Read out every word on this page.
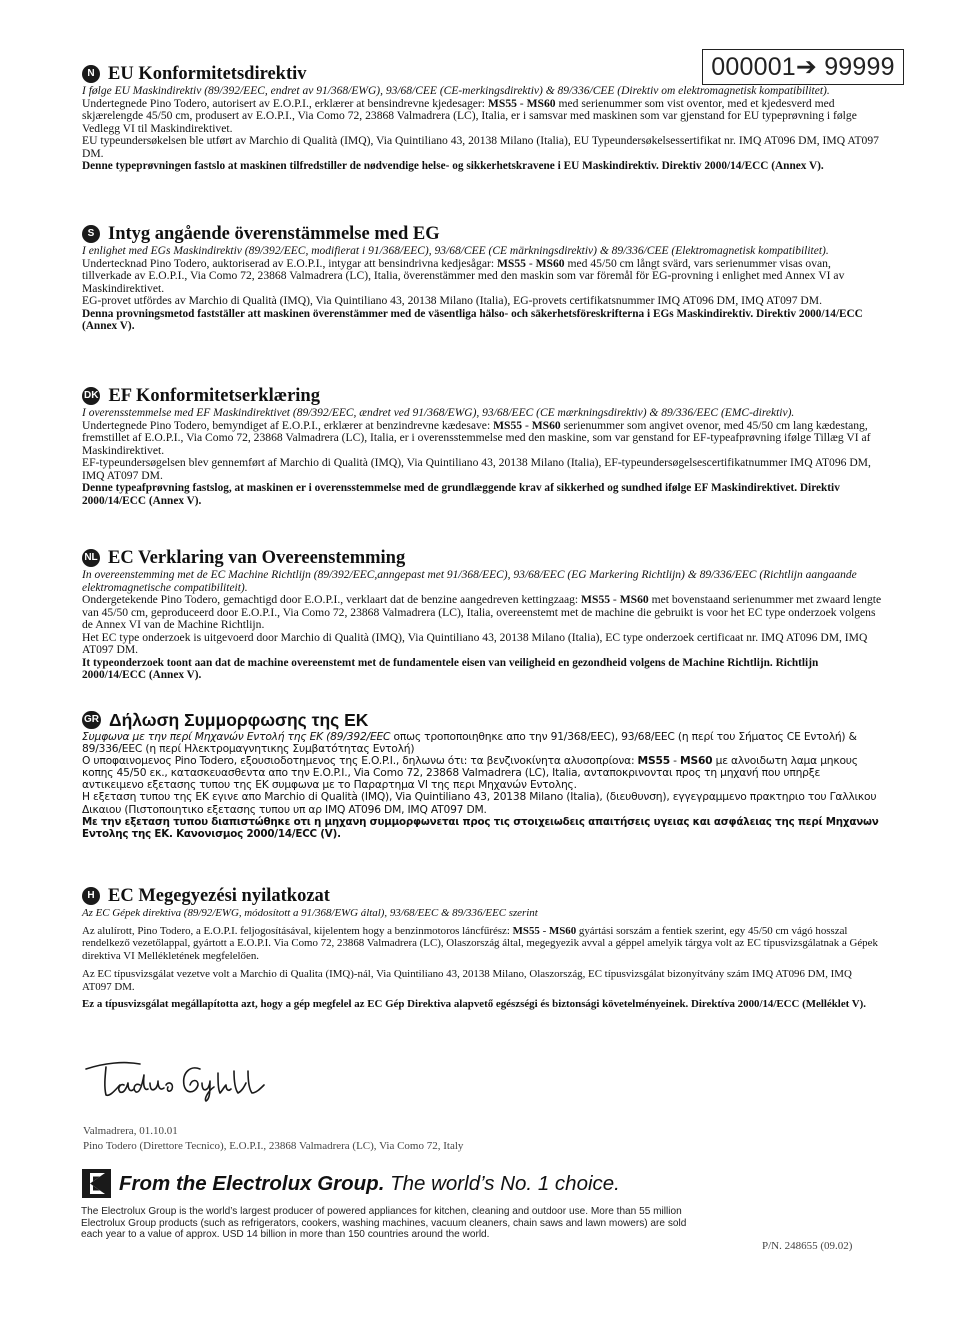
000001➔ 99999
N EU Konformitetsdirektiv

I følge EU Maskindirektiv (89/392/EEC, endret av 91/368/EWG), 93/68/CEE (CE-merkingsdirektiv) & 89/336/CEE (Direktiv om elektromagnetisk kompatibilitet).

Undertegnede Pino Todero, autorisert av E.O.P.I., erklærer at bensindrevne kjedesager: MS55 - MS60 med serienummer som vist oventor, med et kjedesverd med skjærelengde 45/50 cm, produsert av E.O.P.I., Via Como 72, 23868 Valmadrera (LC), Italia, er i samsvar med maskinen som var gjenstand for EU typeprøvning i følge Vedlegg VI til Maskindirektivet.

EU typeundersøkelsen ble utført av Marchio di Qualità (IMQ), Via Quintiliano 43, 20138 Milano (Italia), EU Typeundersøkelsessertifikat nr. IMQ AT096 DM, IMQ AT097 DM.

Denne typeprøvningen fastslo at maskinen tilfredstiller de nødvendige helse- og sikkerhetskravene i EU Maskindirektiv. Direktiv 2000/14/ECC (Annex V).

S Intyg angående överenstämmelse med EG

I enlighet med EGs Maskindirektiv (89/392/EEC, modifierat i 91/368/EEC), 93/68/CEE (CE märkningsdirektiv) & 89/336/CEE (Elektromagnetisk kompatibilitet).

Undertecknad Pino Todero, auktoriserad av E.O.P.I., intygar att bensindrivna kedjesågar: MS55 - MS60 med 45/50 cm långt svärd, vars serienummer visas ovan, tillverkade av E.O.P.I., Via Como 72, 23868 Valmadrera (LC), Italia, överenstämmer med den maskin som var föremål för EG-provning i enlighet med Annex VI av Maskindirektivet.

EG-provet utfördes av Marchio di Qualità (IMQ), Via Quintiliano 43, 20138 Milano (Italia), EG-provets certifikatsnummer IMQ AT096 DM, IMQ AT097 DM.

Denna provningsmetod fastställer att maskinen överenstämmer med de väsentliga hälso- och säkerhetsföreskrifterna i EGs Maskindirektiv. Direktiv 2000/14/ECC (Annex V).

DK EF Konformitetserklæring

I overensstemmelse med EF Maskindirektivet (89/392/EEC, ændret ved 91/368/EWG), 93/68/EEC (CE mærkningsdirektiv) & 89/336/EEC (EMC-direktiv).

Undertegnede Pino Todero, bemyndiget af E.O.P.I., erklærer at benzindrevne kædesave: MS55 - MS60 serienummer som angivet ovenor, med 45/50 cm lang kædestang, fremstillet af E.O.P.I., Via Como 72, 23868 Valmadrera (LC), Italia, er i overensstemmelse med den maskine, som var genstand for EF-typeafprøvning ifølge Tillæg VI af Maskindirektivet.

EF-typeundersøgelsen blev gennemført af Marchio di Qualità (IMQ), Via Quintiliano 43, 20138 Milano (Italia), EF-typeundersøgelsescertifikatnummer IMQ AT096 DM, IMQ AT097 DM.

Denne typeafprøvning fastslog, at maskinen er i overensstemmelse med de grundlæggende krav af sikkerhed og sundhed ifølge EF Maskindirektivet. Direktiv 2000/14/ECC (Annex V).

NL EC Verklaring van Overeenstemming

In overeenstemming met de EC Machine Richtlijn (89/392/EEC,anngepast met 91/368/EEC), 93/68/EEC (EG Markering Richtlijn) & 89/336/EEC (Richtlijn aangaande elektromagnetische compatibiliteit).

Ondergetekende Pino Todero, gemachtigd door E.O.P.I., verklaart dat de benzine aangedreven kettingzaag: MS55 - MS60 met bovenstaand serienummer met zwaard lengte van 45/50 cm, geproduceerd door E.O.P.I., Via Como 72, 23868 Valmadrera (LC), Italia, overeenstemt met de machine die gebruikt is voor het EC type onderzoek volgens de Annex VI van de Machine Richtlijn.

Het EC type onderzoek is uitgevoerd door Marchio di Qualità (IMQ), Via Quintiliano 43, 20138 Milano (Italia), EC type onderzoek certificaat nr. IMQ AT096 DM, IMQ AT097 DM.

It typeonderzoek toont aan dat de machine overeenstemt met de fundamentele eisen van veiligheid en gezondheid volgens de Machine Richtlijn. Richtlijn 2000/14/ECC (Annex V).

GR Δήλωση Συμμορφωσης της ΕΚ

Συμφωνα με την περί Μηχανών Εντολή της ΕΚ (89/392/EEC οπως τροποποιηθηκε απο την 91/368/EEC), 93/68/EEC (η περί του Σήματος CE Εντολή) & 89/336/EEC (η περί Ηλεκτρομαγνητικης Συμβατότητας Εντολή)

Ο υποφαινομενος Pino Todero, εξουσιοδοτημενος της E.O.P.I., δηλωνω ότι: τα βενζινοκίνητα αλυσοπρίονα: MS55 - MS60 με αλνοιδωτη λαμα μηκους κοπης 45/50 εκ., κατασκευασθεντα απο την E.O.P.I., Via Como 72, 23868 Valmadrera (LC), Italia, ανταποκρινονται προς τη μηχανή που υπηρξε αντικειμενο εξετασης τυπου της ΕΚ συμφωνα με το Παραρτημα VI της περι Μηχανών Εντολης.

Η εξεταση τυπου της ΕΚ εγινε απο Marchio di Qualità (IMQ), Via Quintiliano 43, 20138 Milano (Italia), (διευθυνση), εγγεγραμμενο πρακτηριο του Γαλλικου Δικαιου (Πιστοποιητικο εξετασης τυπου υπ αρ IMQ AT096 DM, IMQ AT097 DM.

Με την εξεταση τυπου διαπιστώθηκε οτι η μηχανη συμμορφωνεται προς τις στοιχειωδεις απαιτήσεις υγειας και ασφάλειας της περί Μηχανων Εντολης της ΕΚ. Κανονισμος 2000/14/ECC (V).

H EC Megegyezési nyilatkozat

Az EC Gépek direktiva (89/92/EWG, módosított a 91/368/EWG által), 93/68/EEC & 89/336/EEC szerint

Az alulírott, Pino Todero, a E.O.P.I. feljogosításával, kijelentem hogy a benzinmotoros láncfűrész: MS55 - MS60 gyártási sorszám a fentiek szerint, egy 45/50 cm vágó hosszal rendelkező vezetőlappal, gyártott a E.O.P.I. Via Como 72, 23868 Valmadrera (LC), Olaszország által, megegyezik avval a géppel amelyik tárgya volt az EC típusvizsgálatnak a Gépek direktiva VI Mellékletének megfelelően.

Az EC típusvizsgálat vezetve volt a Marchio di Qualita (IMQ)-nál, Via Quintiliano 43, 20138 Milano, Olaszország, EC típusvizsgálat bizonyítvány szám IMQ AT096 DM, IMQ AT097 DM.

Ez a típusvizsgálat megállapította azt, hogy a gép megfelel az EC Gép Direktiva alapvető egészségi és biztonsági követelményeinek. Direktíva 2000/14/ECC (Melléklet V).

Valmadrera, 01.10.01
Pino Todero (Direttore Tecnico), E.O.P.I., 23868 Valmadrera (LC), Via Como 72, Italy
From the Electrolux Group. The world’s No. 1 choice.

The Electrolux Group is the world’s largest producer of powered appliances for kitchen, cleaning and outdoor use. More than 55 million Electrolux Group products (such as refrigerators, cookers, washing machines, vacuum cleaners, chain saws and lawn mowers) are sold each year to a value of approx. USD 14 billion in more than 150 countries around the world.

P/N. 248655 (09.02)
